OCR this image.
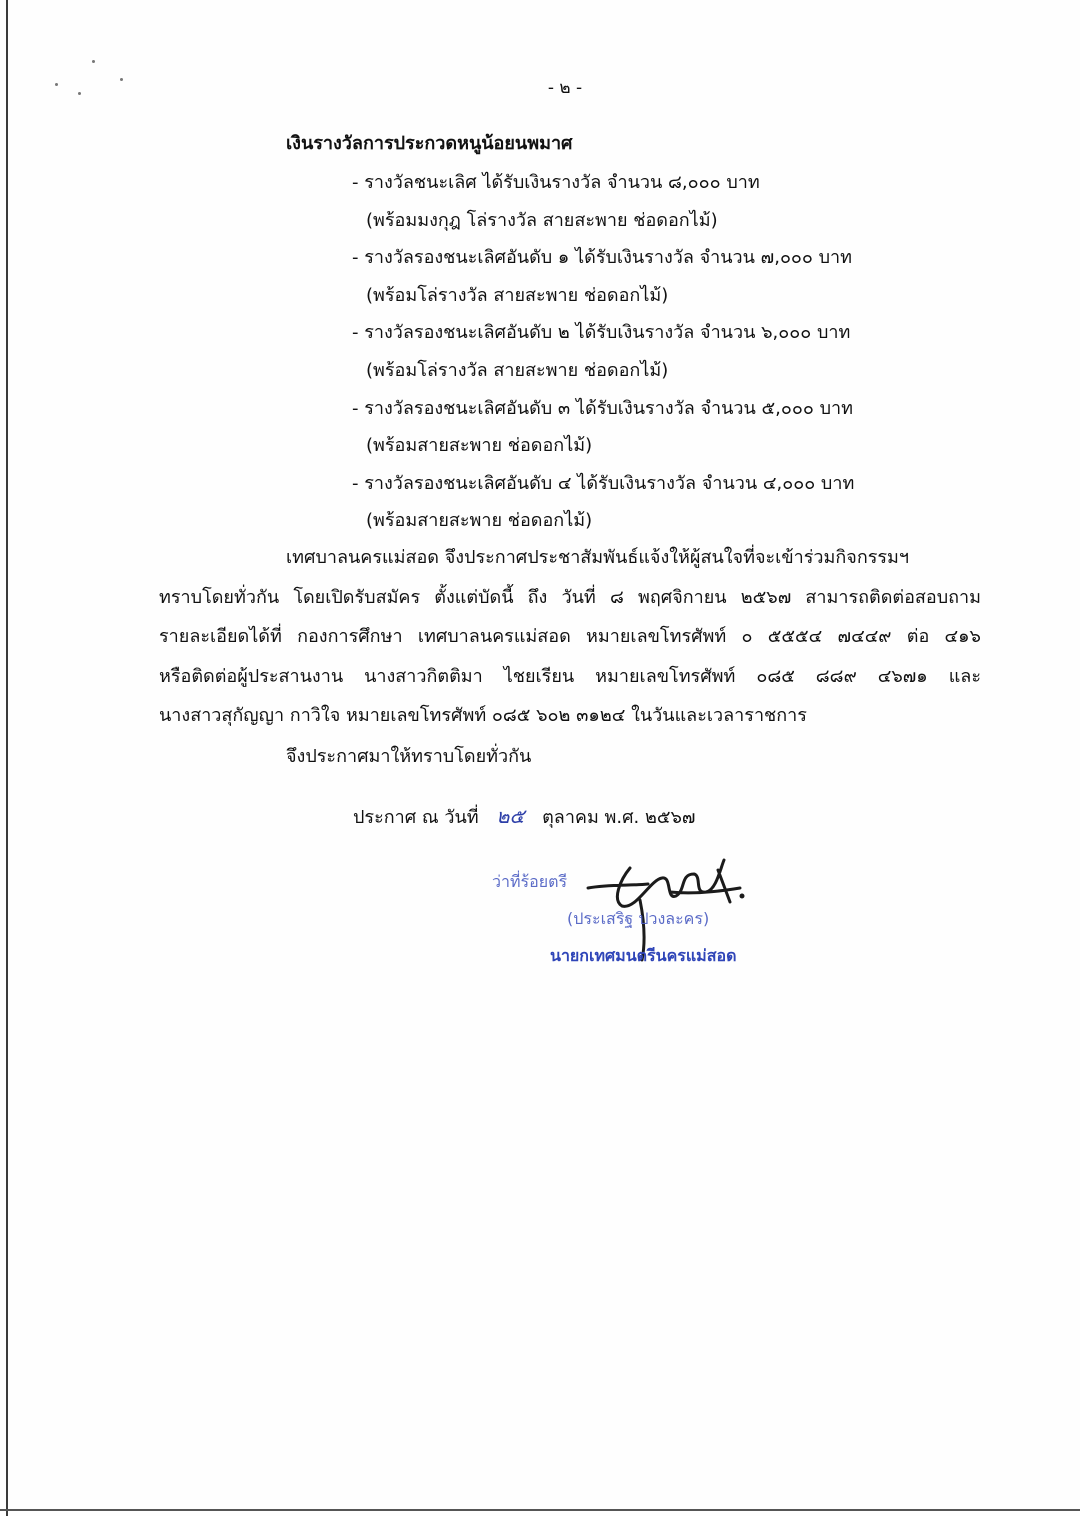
- ๒ -
เงินรางวัลการประกวดหนูน้อยนพมาศ
- รางวัลชนะเลิศ ได้รับเงินรางวัล จำนวน ๘,๐๐๐ บาท
(พร้อมมงกุฎ โล่รางวัล สายสะพาย ช่อดอกไม้)
- รางวัลรองชนะเลิศอันดับ ๑ ได้รับเงินรางวัล จำนวน ๗,๐๐๐ บาท
(พร้อมโล่รางวัล สายสะพาย ช่อดอกไม้)
- รางวัลรองชนะเลิศอันดับ ๒ ได้รับเงินรางวัล จำนวน ๖,๐๐๐ บาท
(พร้อมโล่รางวัล สายสะพาย ช่อดอกไม้)
- รางวัลรองชนะเลิศอันดับ ๓ ได้รับเงินรางวัล จำนวน ๕,๐๐๐ บาท
(พร้อมสายสะพาย ช่อดอกไม้)
- รางวัลรองชนะเลิศอันดับ ๔ ได้รับเงินรางวัล จำนวน ๔,๐๐๐ บาท
(พร้อมสายสะพาย ช่อดอกไม้)
เทศบาลนครแม่สอด จึงประกาศประชาสัมพันธ์แจ้งให้ผู้สนใจที่จะเข้าร่วมกิจกรรมฯ
ทราบโดยทั่วกัน โดยเปิดรับสมัคร ตั้งแต่บัดนี้ ถึง วันที่ ๘ พฤศจิกายน ๒๕๖๗ สามารถติดต่อสอบถาม
รายละเอียดได้ที่ กองการศึกษา เทศบาลนครแม่สอด หมายเลขโทรศัพท์ ๐ ๕๕๕๔ ๗๔๔๙ ต่อ ๔๑๖
หรือติดต่อผู้ประสานงาน นางสาวกิตติมา ไชยเรียน หมายเลขโทรศัพท์ ๐๘๕ ๘๘๙ ๔๖๗๑ และ
นางสาวสุกัญญา กาวิใจ หมายเลขโทรศัพท์ ๐๘๕ ๖๐๒ ๓๑๒๔ ในวันและเวลาราชการ
จึงประกาศมาให้ทราบโดยทั่วกัน
ประกาศ ณ วันที่ ๒๕ ตุลาคม พ.ศ. ๒๕๖๗
ว่าที่ร้อยตรี
(ประเสริฐ ปวงละคร)
นายกเทศมนตรีนครแม่สอด
